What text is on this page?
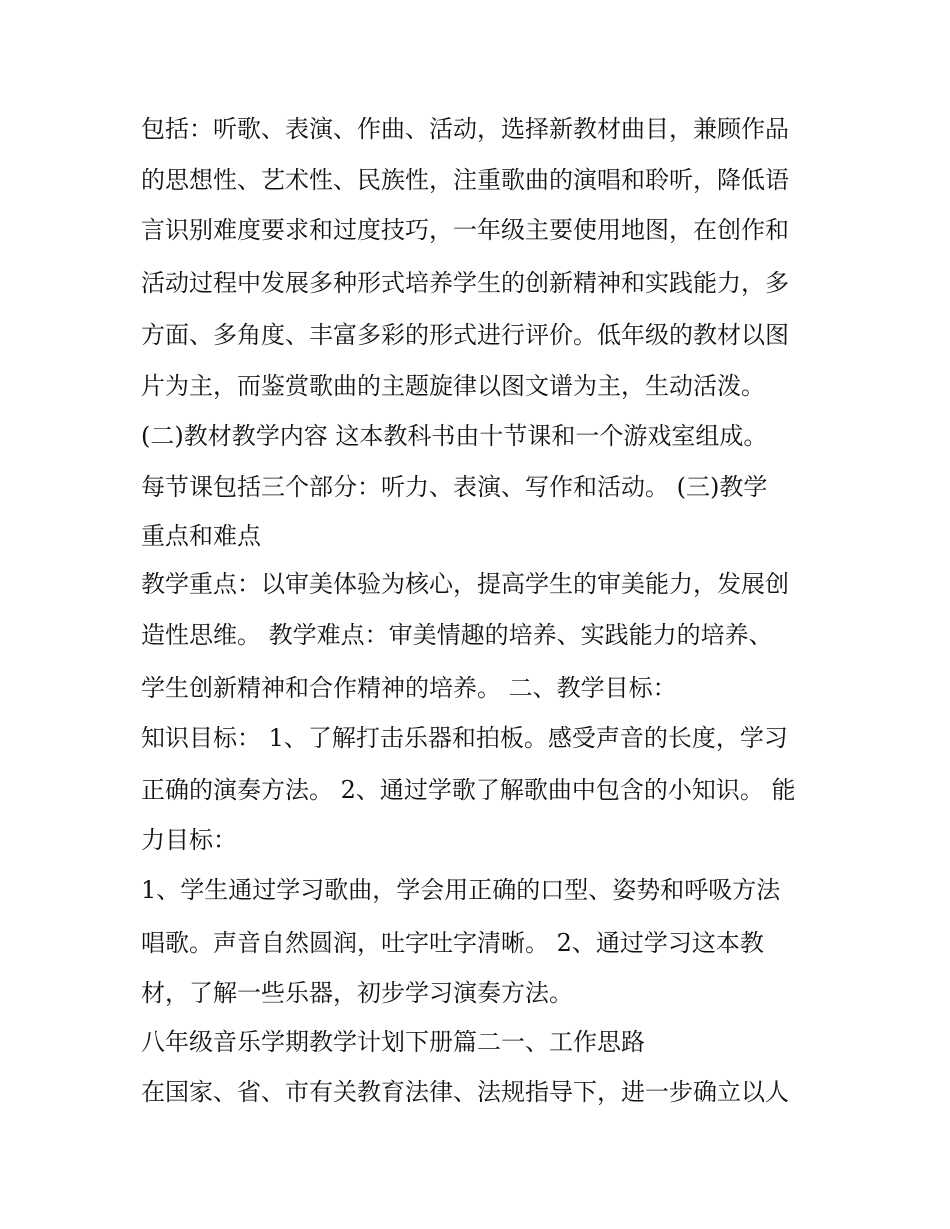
包括：听歌、表演、作曲、活动，选择新教材曲目，兼顾作品

的思想性、艺术性、民族性，注重歌曲的演唱和聆听，降低语

言识别难度要求和过度技巧，一年级主要使用地图，在创作和

活动过程中发展多种形式培养学生的创新精神和实践能力，多

方面、多角度、丰富多彩的形式进行评价。低年级的教材以图

片为主，而鉴赏歌曲的主题旋律以图文谱为主，生动活泼。

(二)教材教学内容 这本教科书由十节课和一个游戏室组成。

每节课包括三个部分：听力、表演、写作和活动。 (三)教学

重点和难点

教学重点：以审美体验为核心，提高学生的审美能力，发展创

造性思维。 教学难点：审美情趣的培养、实践能力的培养、

学生创新精神和合作精神的培养。 二、教学目标：

知识目标： 1、了解打击乐器和拍板。感受声音的长度，学习

正确的演奏方法。 2、通过学歌了解歌曲中包含的小知识。 能

力目标：

1、学生通过学习歌曲，学会用正确的口型、姿势和呼吸方法

唱歌。声音自然圆润，吐字吐字清晰。 2、通过学习这本教

材，了解一些乐器，初步学习演奏方法。

八年级音乐学期教学计划下册篇二一、工作思路

在国家、省、市有关教育法律、法规指导下，进一步确立以人
